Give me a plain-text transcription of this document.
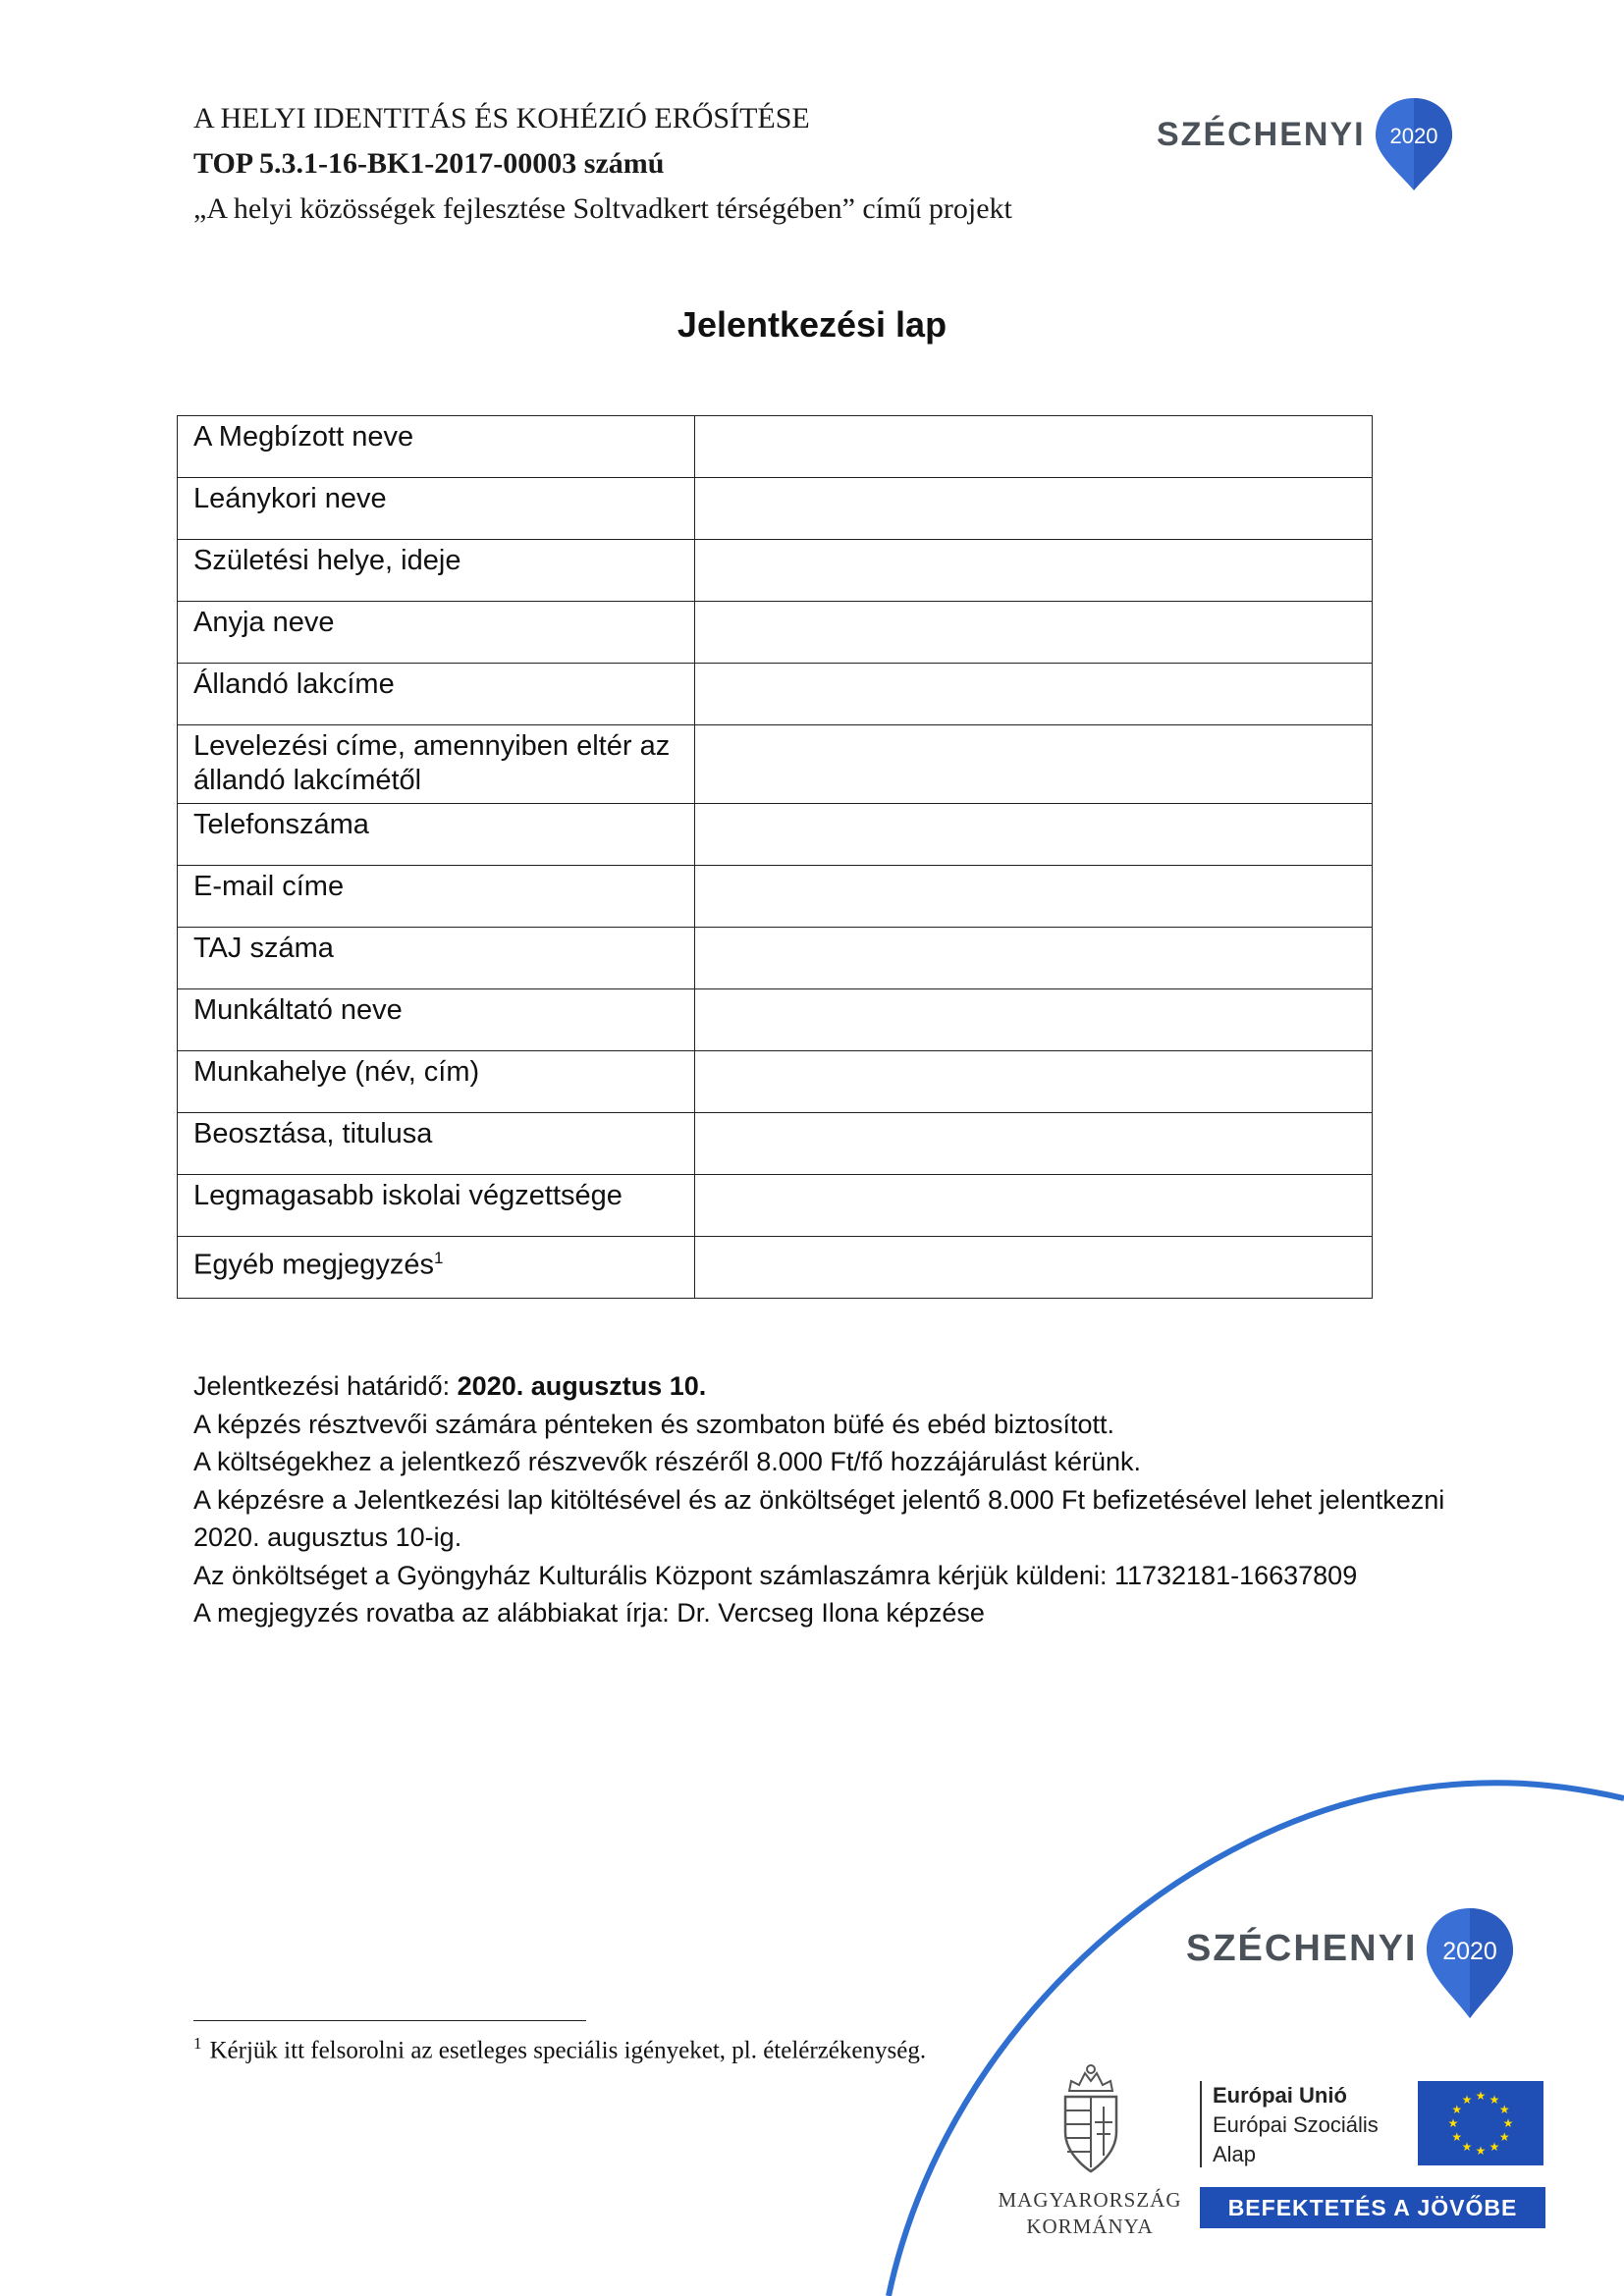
A HELYI IDENTITÁS ÉS KOHÉZIÓ ERŐSÍTÉSE
TOP 5.3.1-16-BK1-2017-00003 számú
„A helyi közösségek fejlesztése Soltvadkert térségében” című projekt
SZÉCHENYI 2020
Jelentkezési lap
A Megbízott neve	
Leánykori neve	
Születési helye, ideje	
Anyja neve	
Állandó lakcíme	
Levelezési címe, amennyiben eltér az állandó lakcímétől	
Telefonszáma	
E-mail címe	
TAJ száma	
Munkáltató neve	
Munkahelye (név, cím)	
Beosztása, titulusa	
Legmagasabb iskolai végzettsége	
Egyéb megjegyzés$^1$	
Jelentkezési határidő: 2020. augusztus 10.
A képzés résztvevői számára pénteken és szombaton büfé és ebéd biztosított.
A költségekhez a jelentkező részvevők részéről 8.000 Ft/fő hozzájárulást kérünk.
A képzésre a Jelentkezési lap kitöltésével és az önköltséget jelentő 8.000 Ft befizetésével lehet jelentkezni
2020. augusztus 10-ig.
Az önköltséget a Gyöngyház Kulturális Központ számlaszámra kérjük küldeni: 11732181-16637809
A megjegyzés rovatba az alábbiakat írja: Dr. Vercseg Ilona képzése
$^1$ Kérjük itt felsorolni az esetleges speciális igényeket, pl. ételérzékenység.
SZÉCHENYI 2020
MAGYARORSZÁG
KORMÁNYA
Európai Unió
Európai Szociális
Alap
★ ★
★
★
★
★
★
★
★
★
★
★
BEFEKTETÉS A JÖVŐBE
